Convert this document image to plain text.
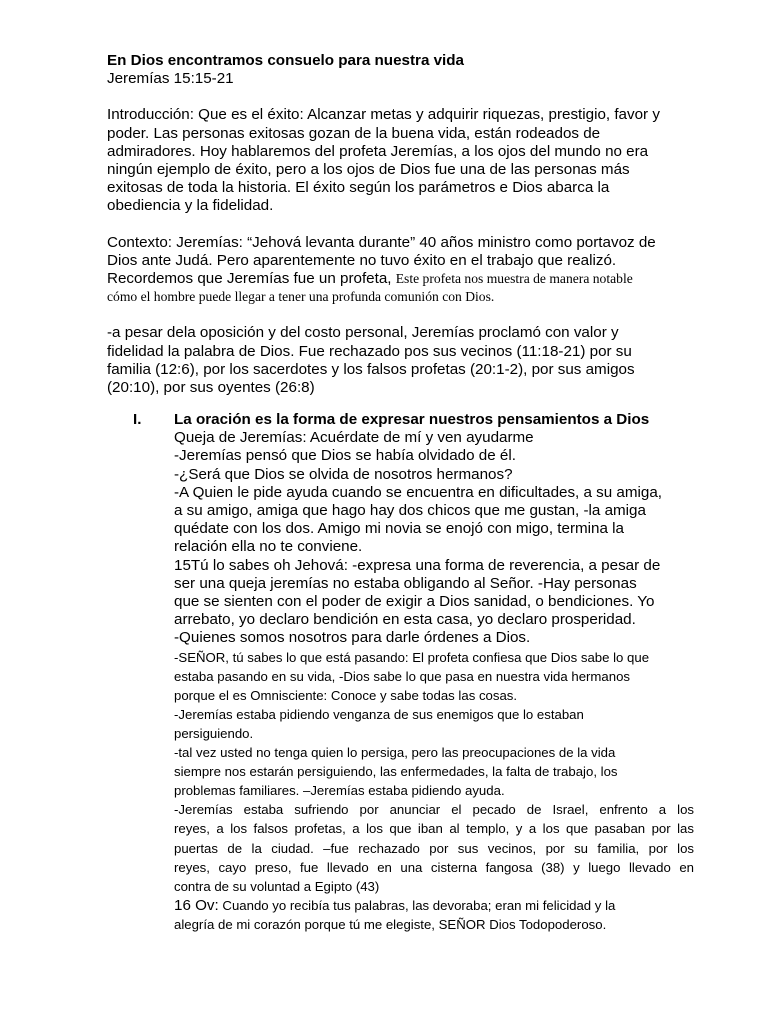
En Dios encontramos consuelo para nuestra vida
Jeremías 15:15-21
Introducción: Que es el éxito: Alcanzar metas y adquirir riquezas, prestigio, favor y
poder. Las personas exitosas gozan de la buena vida, están rodeados de
admiradores. Hoy hablaremos del profeta Jeremías, a los ojos del mundo no era
ningún ejemplo de éxito, pero a los ojos de Dios fue una de las personas más
exitosas de toda la historia. El éxito según los parámetros e Dios abarca la
obediencia y la fidelidad.
Contexto: Jeremías: “Jehová levanta durante” 40 años ministro como portavoz de
Dios ante Judá. Pero aparentemente no tuvo éxito en el trabajo que realizó.
Recordemos que Jeremías fue un profeta, Este profeta nos muestra de manera notable
cómo el hombre puede llegar a tener una profunda comunión con Dios.
-a pesar dela oposición y del costo personal, Jeremías proclamó con valor y
fidelidad la palabra de Dios. Fue rechazado pos sus vecinos (11:18-21) por su
familia (12:6), por los sacerdotes y los falsos profetas (20:1-2), por sus amigos
(20:10), por sus oyentes (26:8)
I. La oración es la forma de expresar nuestros pensamientos a Dios
Queja de Jeremías: Acuérdate de mí y ven ayudarme
-Jeremías pensó que Dios se había olvidado de él.
-¿Será que Dios se olvida de nosotros hermanos?
-A Quien le pide ayuda cuando se encuentra en dificultades, a su amiga,
a su amigo, amiga que hago hay dos chicos que me gustan, -la amiga
quédate con los dos. Amigo mi novia se enojó con migo, termina la
relación ella no te conviene.
15Tú lo sabes oh Jehová: -expresa una forma de reverencia, a pesar de
ser una queja jeremías no estaba obligando al Señor. -Hay personas
que se sienten con el poder de exigir a Dios sanidad, o bendiciones. Yo
arrebato, yo declaro bendición en esta casa, yo declaro prosperidad.
-Quienes somos nosotros para darle órdenes a Dios.
-SEÑOR, tú sabes lo que está pasando: El profeta confiesa que Dios sabe lo que
estaba pasando en su vida, -Dios sabe lo que pasa en nuestra vida hermanos
porque el es Omnisciente: Conoce y sabe todas las cosas.
-Jeremías estaba pidiendo venganza de sus enemigos que lo estaban
persiguiendo.
-tal vez usted no tenga quien lo persiga, pero las preocupaciones de la vida
siempre nos estarán persiguiendo, las enfermedades, la falta de trabajo, los
problemas familiares. –Jeremías estaba pidiendo ayuda.
-Jeremías estaba sufriendo por anunciar el pecado de Israel, enfrento a los
reyes, a los falsos profetas, a los que iban al templo, y a los que pasaban por las
puertas de la ciudad. –fue rechazado por sus vecinos, por su familia, por los
reyes, cayo preso, fue llevado en una cisterna fangosa (38) y luego llevado en
contra de su voluntad a Egipto (43)
16 Ov: Cuando yo recibía tus palabras, las devoraba; eran mi felicidad y la
alegría de mi corazón porque tú me elegiste, SEÑOR Dios Todopoderoso.
